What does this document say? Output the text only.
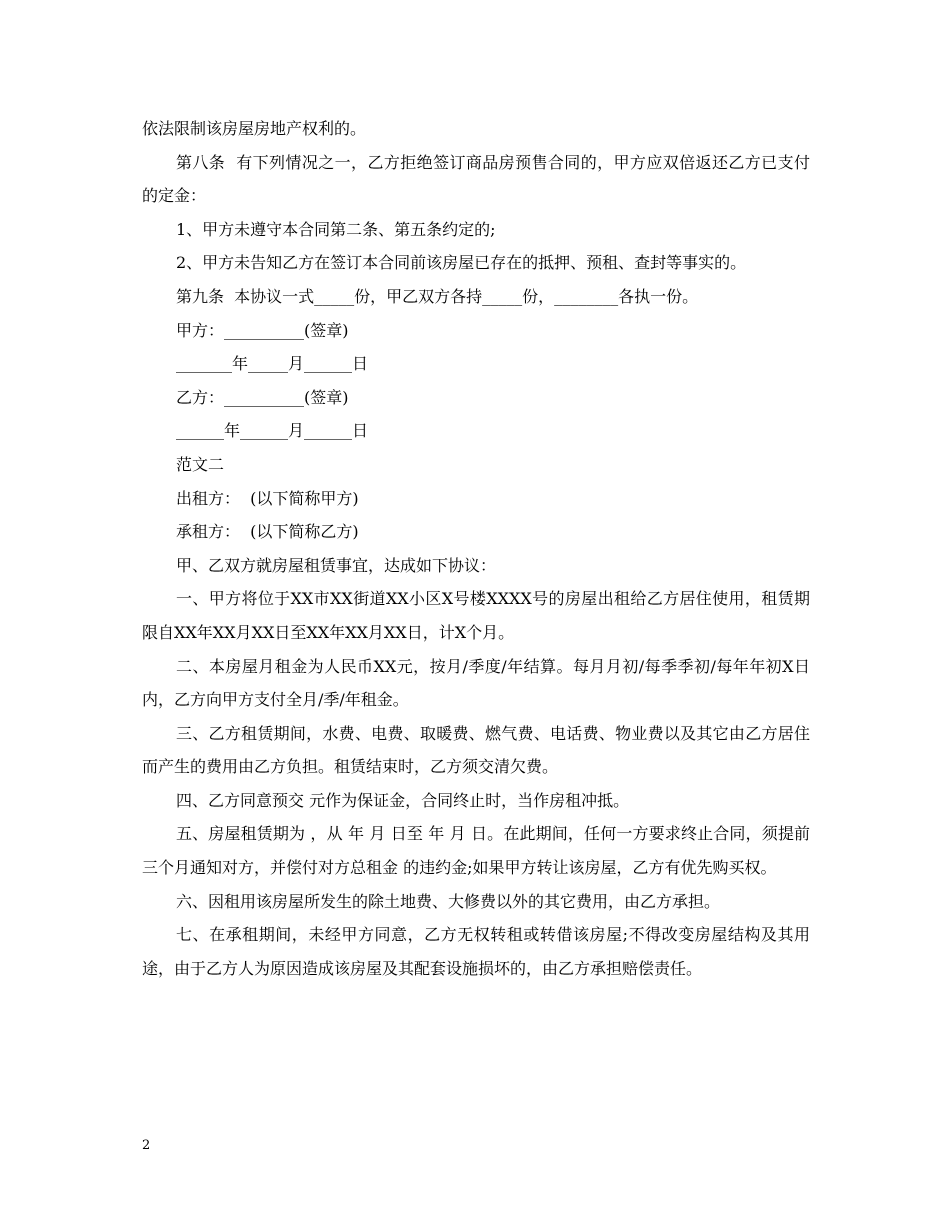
依法限制该房屋房地产权利的。

第八条  有下列情况之一，乙方拒绝签订商品房预售合同的，甲方应双倍返还乙方已支付的定金：

1、甲方未遵守本合同第二条、第五条约定的;

2、甲方未告知乙方在签订本合同前该房屋已存在的抵押、预租、查封等事实的。

第九条  本协议一式_____份，甲乙双方各持_____份，________各执一份。

甲方：__________(签章)

_______年_____月______日

乙方：__________(签章)

______年______月______日

范文二

出租方：  (以下简称甲方)

承租方：  (以下简称乙方)

甲、乙双方就房屋租赁事宜，达成如下协议：

一、甲方将位于XX市XX街道XX小区X号楼XXXX号的房屋出租给乙方居住使用，租赁期限自XX年XX月XX日至XX年XX月XX日，计X个月。

二、本房屋月租金为人民币XX元，按月/季度/年结算。每月月初/每季季初/每年年初X日内，乙方向甲方支付全月/季/年租金。

三、乙方租赁期间，水费、电费、取暖费、燃气费、电话费、物业费以及其它由乙方居住而产生的费用由乙方负担。租赁结束时，乙方须交清欠费。

四、乙方同意预交 元作为保证金，合同终止时，当作房租冲抵。

五、房屋租赁期为 ，从 年 月 日至 年 月 日。在此期间，任何一方要求终止合同，须提前三个月通知对方，并偿付对方总租金 的违约金;如果甲方转让该房屋，乙方有优先购买权。

六、因租用该房屋所发生的除土地费、大修费以外的其它费用，由乙方承担。

七、在承租期间，未经甲方同意，乙方无权转租或转借该房屋;不得改变房屋结构及其用途，由于乙方人为原因造成该房屋及其配套设施损坏的，由乙方承担赔偿责任。

2
